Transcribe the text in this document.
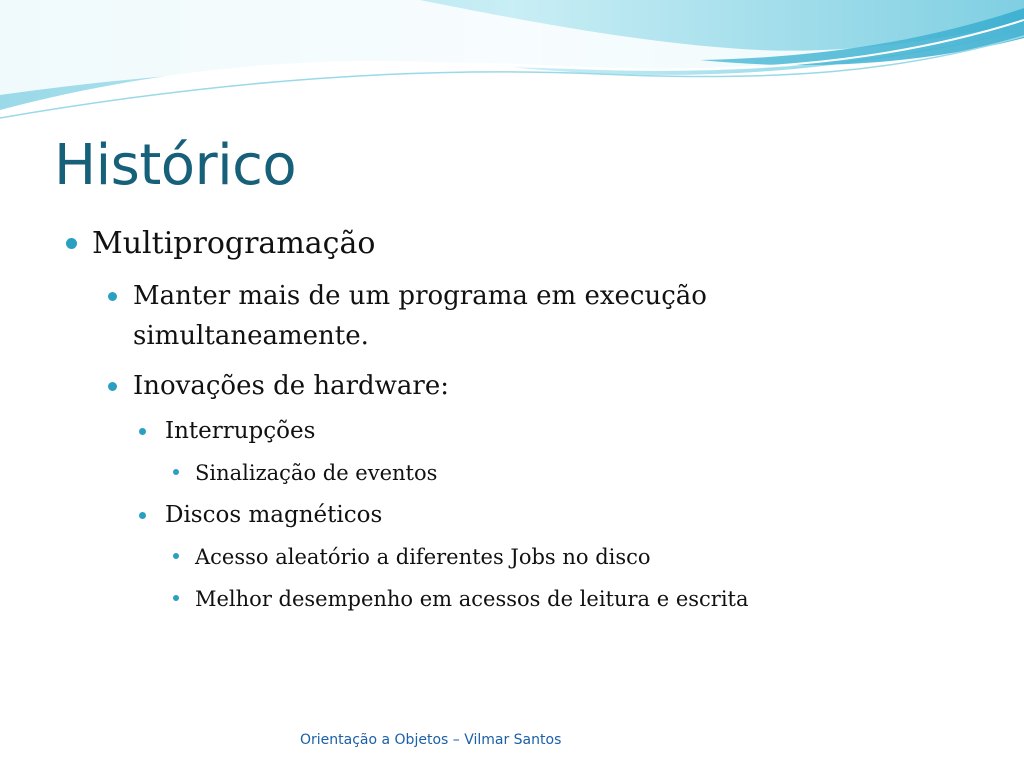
Histórico
Multiprogramação
Manter mais de um programa em execução
simultaneamente.
Inovações de hardware:
Interrupções
Sinalização de eventos
Discos magnéticos
Acesso aleatório a diferentes Jobs no disco
Melhor desempenho em acessos de leitura e escrita
Orientação a Objetos – Vilmar Santos
